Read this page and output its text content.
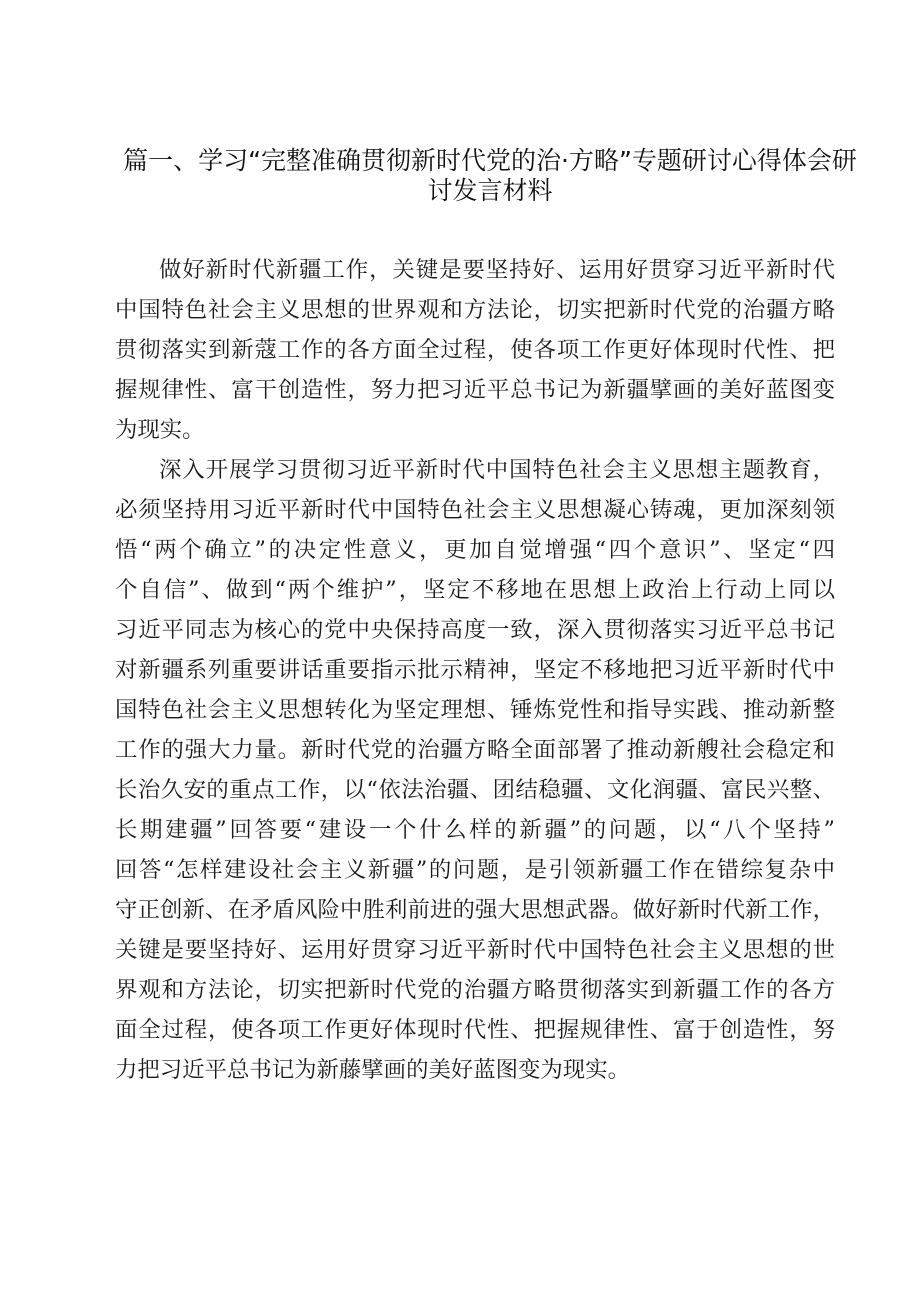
篇一、学习“完整准确贯彻新时代党的治·方略”专题研讨心得体会研
讨发言材料
做好新时代新疆工作，关键是要坚持好、运用好贯穿习近平新时代
中国特色社会主义思想的世界观和方法论，切实把新时代党的治疆方略
贯彻落实到新蔻工作的各方面全过程，使各项工作更好体现时代性、把
握规律性、富干创造性，努力把习近平总书记为新疆擘画的美好蓝图变
为现实。
深入开展学习贯彻习近平新时代中国特色社会主义思想主题教育，
必须坚持用习近平新时代中国特色社会主义思想凝心铸魂，更加深刻领
悟“两个确立”的决定性意义，更加自觉增强“四个意识”、坚定“四
个自信”、做到“两个维护”，坚定不移地在思想上政治上行动上同以
习近平同志为核心的党中央保持高度一致，深入贯彻落实习近平总书记
对新疆系列重要讲话重要指示批示精神，坚定不移地把习近平新时代中
国特色社会主义思想转化为坚定理想、锤炼党性和指导实践、推动新整
工作的强大力量。新时代党的治疆方略全面部署了推动新艘社会稳定和
长治久安的重点工作，以“依法治疆、团结稳疆、文化润疆、富民兴整、
长期建疆”回答要“建设一个什么样的新疆”的问题，以“八个坚持”
回答“怎样建设社会主义新疆”的问题，是引领新疆工作在错综复杂中
守正创新、在矛盾风险中胜利前进的强大思想武器。做好新时代新工作，
关键是要坚持好、运用好贯穿习近平新时代中国特色社会主义思想的世
界观和方法论，切实把新时代党的治疆方略贯彻落实到新疆工作的各方
面全过程，使各项工作更好体现时代性、把握规律性、富于创造性，努
力把习近平总书记为新藤擘画的美好蓝图变为现实。
